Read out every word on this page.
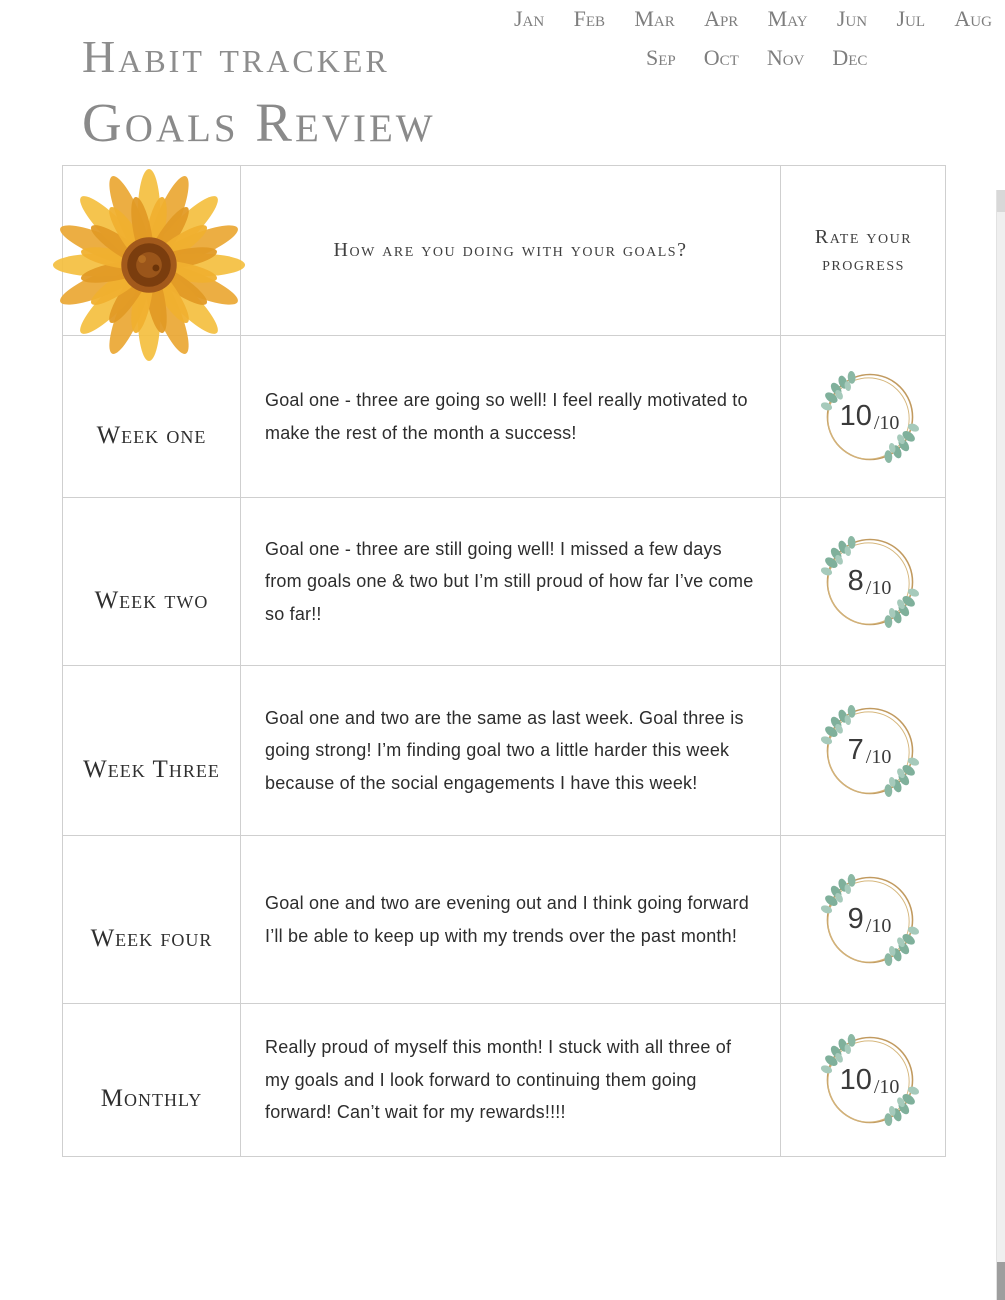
Habit tracker
Goals Review
Jan Feb Mar Apr May Jun Jul Aug
Sep Oct Nov Dec
How are you doing with your goals?
Rate your
progress
Week one

Goal one - three are going so well! I feel really motivated to make the rest of the month a success!

10 /10
Week two

Goal one - three are still going well! I missed a few days from goals one & two but I’m still proud of how far I’ve come so far!!

8 /10
Week Three

Goal one and two are the same as last week. Goal three is going strong! I’m finding goal two a little harder this week because of the social engagements I have this week!

7 /10
Week four

Goal one and two are evening out and I think going forward I’ll be able to keep up with my trends over the past month!

9 /10
Monthly

Really proud of myself this month! I stuck with all three of my goals and I look forward to continuing them going forward! Can’t wait for my rewards!!!!

10 /10
